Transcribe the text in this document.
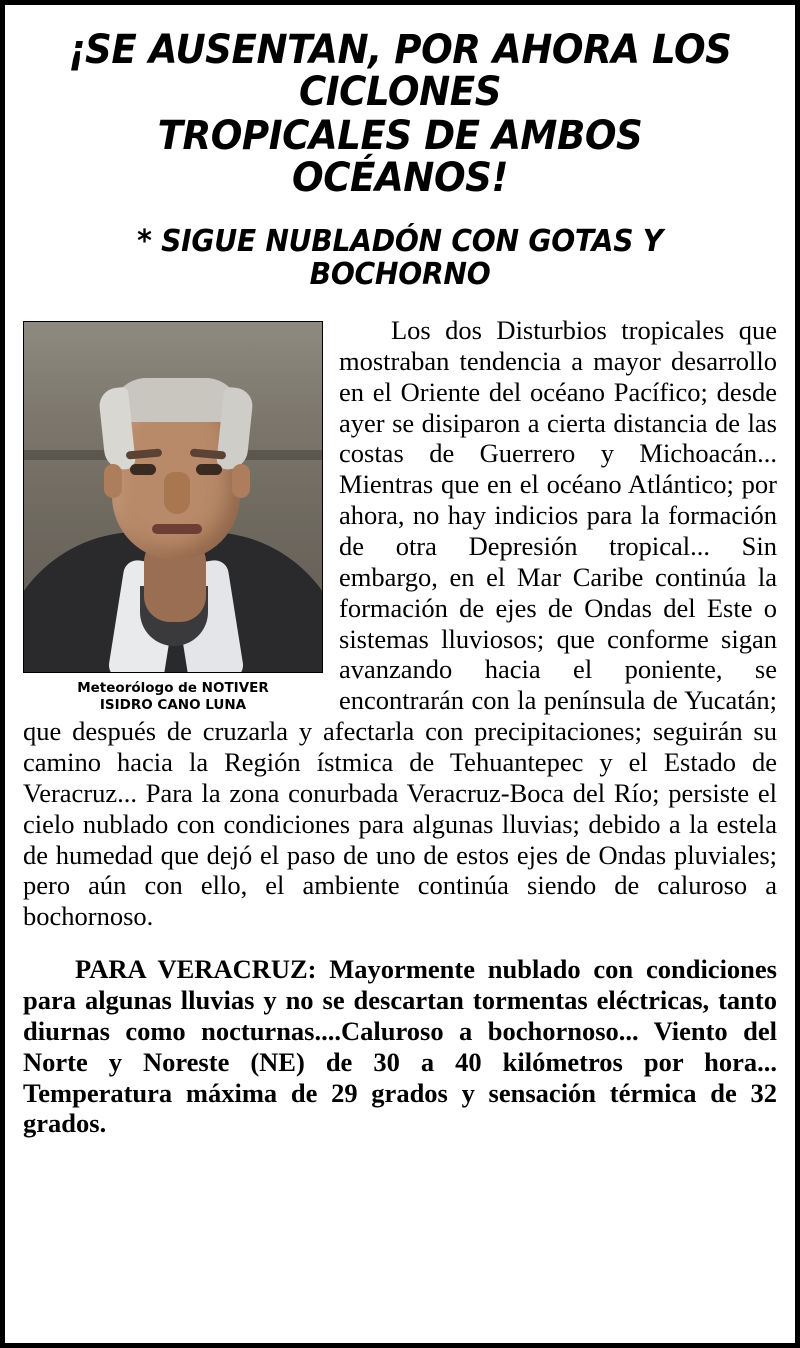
¡SE AUSENTAN, POR AHORA LOS CICLONES
TROPICALES DE AMBOS OCÉANOS!
* SIGUE NUBLADÓN CON GOTAS Y BOCHORNO
Meteorólogo de NOTIVER
ISIDRO CANO LUNA

Los dos Disturbios tropicales que mostraban tendencia a mayor desarrollo en el Oriente del océano Pacífico; desde ayer se disiparon a cierta distancia de las costas de Guerrero y Michoacán... Mientras que en el océano Atlántico; por ahora, no hay indicios para la formación de otra Depresión tropical... Sin embargo, en el Mar Caribe continúa la formación de ejes de Ondas del Este o sistemas lluviosos; que conforme sigan avanzando hacia el poniente, se encontrarán con la península de Yucatán; que después de cruzarla y afectarla con precipitaciones; seguirán su camino hacia la Región ístmica de Tehuantepec y el Estado de Veracruz... Para la zona conurbada Veracruz-Boca del Río; persiste el cielo nublado con condiciones para algunas lluvias; debido a la estela de humedad que dejó el paso de uno de estos ejes de Ondas pluviales; pero aún con ello, el ambiente continúa siendo de caluroso a bochornoso.

PARA VERACRUZ: Mayormente nublado con condiciones para algunas lluvias y no se descartan tormentas eléctricas, tanto diurnas como nocturnas....Caluroso a bochornoso... Viento del Norte y Noreste (NE) de 30 a 40 kilómetros por hora... Temperatura máxima de 29 grados y sensación térmica de 32 grados.
